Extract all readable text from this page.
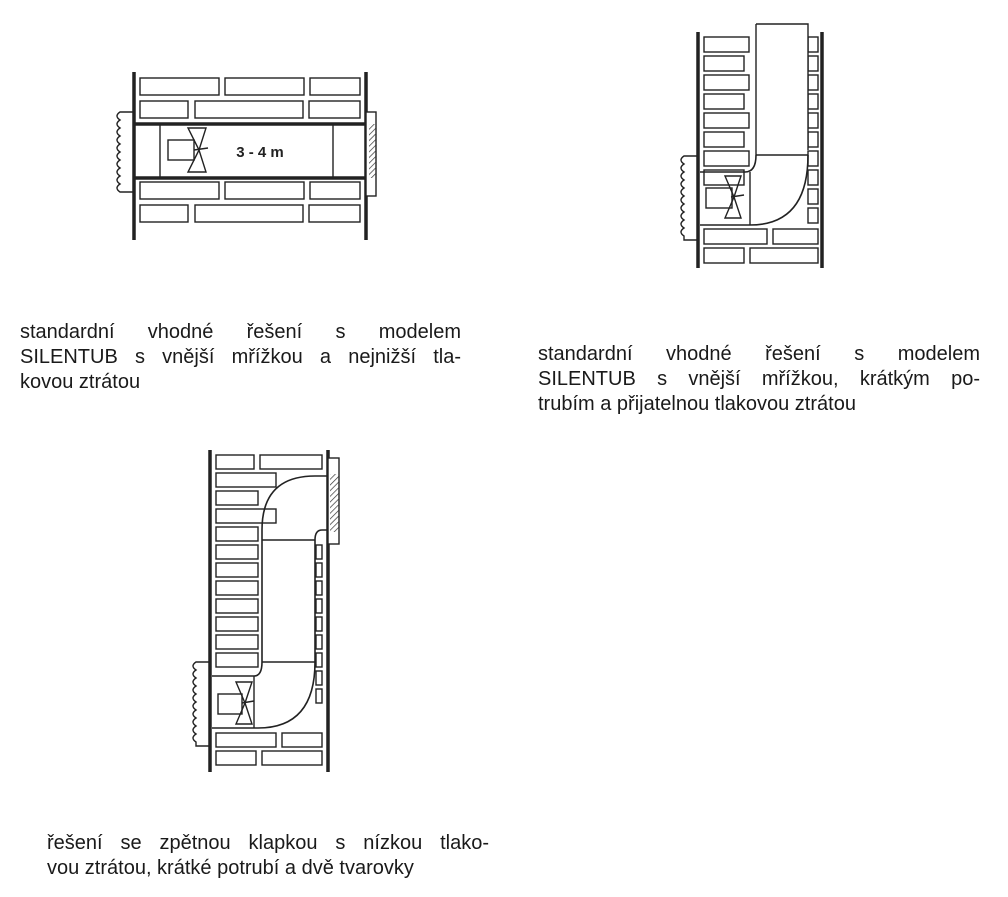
3 - 4 m
standardní vhodné řešení s modelem
SILENTUB s vnější mřížkou a nejnižší tla-
kovou ztrátou
standardní vhodné řešení s modelem
SILENTUB s vnější mřížkou, krátkým po-
trubím a přijatelnou tlakovou ztrátou
řešení se zpětnou klapkou s nízkou tlako-
vou ztrátou, krátké potrubí a dvě tvarovky
